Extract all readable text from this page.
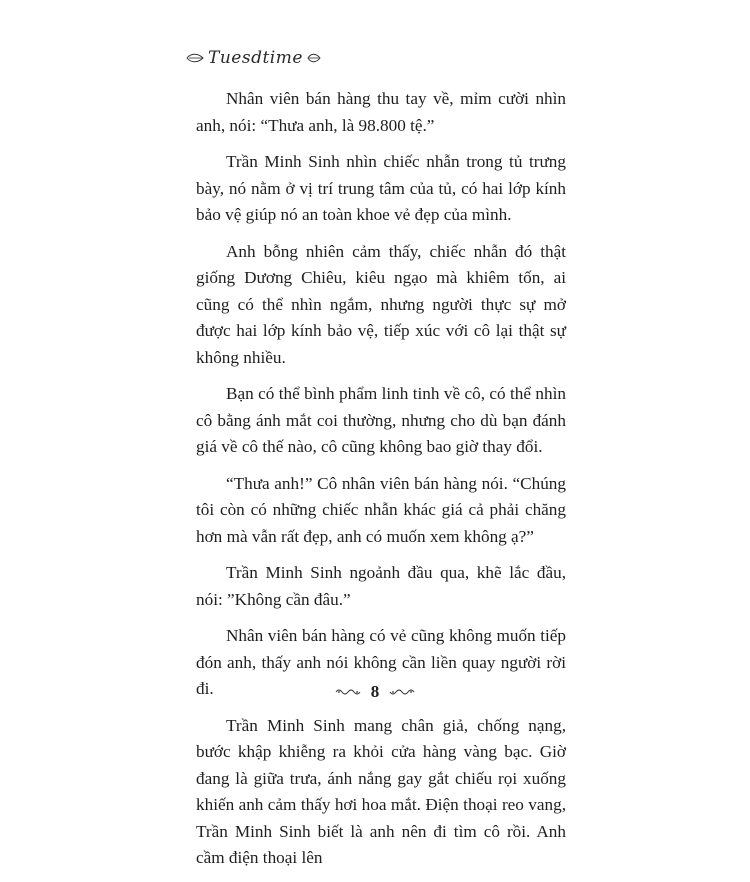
Tuesdtime

Nhân viên bán hàng thu tay về, mỉm cười nhìn anh, nói: “Thưa anh, là 98.800 tệ.”

Trần Minh Sinh nhìn chiếc nhẫn trong tủ trưng bày, nó nằm ở vị trí trung tâm của tủ, có hai lớp kính bảo vệ giúp nó an toàn khoe vẻ đẹp của mình.

Anh bỗng nhiên cảm thấy, chiếc nhẫn đó thật giống Dương Chiêu, kiêu ngạo mà khiêm tốn, ai cũng có thể nhìn ngắm, nhưng người thực sự mở được hai lớp kính bảo vệ, tiếp xúc với cô lại thật sự không nhiều.

Bạn có thể bình phẩm linh tinh về cô, có thể nhìn cô bằng ánh mắt coi thường, nhưng cho dù bạn đánh giá về cô thế nào, cô cũng không bao giờ thay đổi.

“Thưa anh!” Cô nhân viên bán hàng nói. “Chúng tôi còn có những chiếc nhẫn khác giá cả phải chăng hơn mà vẫn rất đẹp, anh có muốn xem không ạ?”

Trần Minh Sinh ngoảnh đầu qua, khẽ lắc đầu, nói: ”Không cần đâu.”

Nhân viên bán hàng có vẻ cũng không muốn tiếp đón anh, thấy anh nói không cần liền quay người rời đi.

Trần Minh Sinh mang chân giả, chống nạng, bước khập khiễng ra khỏi cửa hàng vàng bạc. Giờ đang là giữa trưa, ánh nắng gay gắt chiếu rọi xuống khiến anh cảm thấy hơi hoa mắt. Điện thoại reo vang, Trần Minh Sinh biết là anh nên đi tìm cô rồi. Anh cầm điện thoại lên

8
